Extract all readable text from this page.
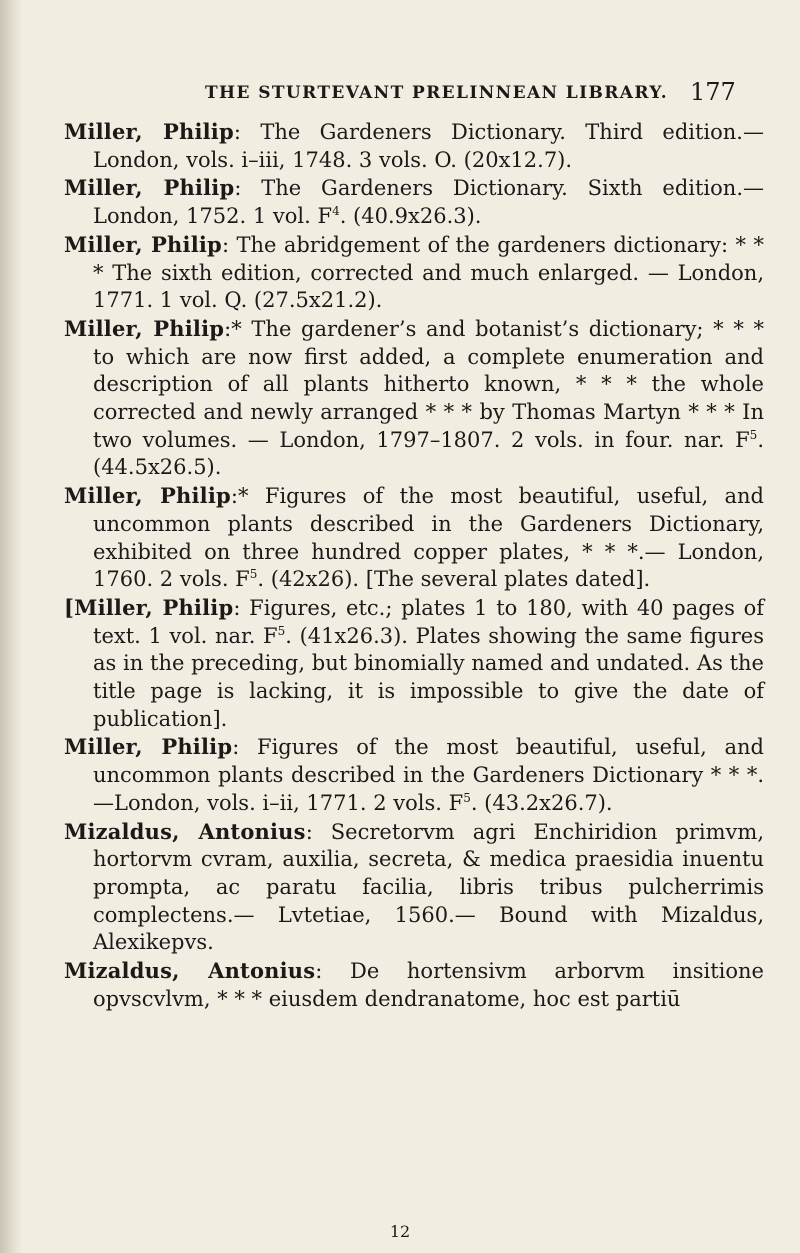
THE STURTEVANT PRELINNEAN LIBRARY. 177

Miller, Philip: The Gardeners Dictionary. Third edition.— London, vols. i–iii, 1748. 3 vols. O. (20x12.7).

Miller, Philip: The Gardeners Dictionary. Sixth edition.— London, 1752. 1 vol. $F^4$. (40.9x26.3).

Miller, Philip: The abridgement of the gardeners dictionary: * * * The sixth edition, corrected and much enlarged. — London, 1771. 1 vol. Q. (27.5x21.2).

Miller, Philip:* The gardener’s and botanist’s dictionary; * * * to which are now first added, a complete enumeration and description of all plants hitherto known, * * * the whole corrected and newly arranged * * * by Thomas Martyn * * * In two volumes. — London, 1797–1807. 2 vols. in four. nar. $F^5$. (44.5x26.5).

Miller, Philip:* Figures of the most beautiful, useful, and uncommon plants described in the Gardeners Dictionary, exhibited on three hundred copper plates, * * *.— London, 1760. 2 vols. $F^5$. (42x26). [The several plates dated].

[Miller, Philip: Figures, etc.; plates 1 to 180, with 40 pages of text. 1 vol. nar. $F^5$. (41x26.3). Plates showing the same figures as in the preceding, but binomially named and undated. As the title page is lacking, it is impossible to give the date of publication].

Miller, Philip: Figures of the most beautiful, useful, and uncommon plants described in the Gardeners Dictionary * * *.—London, vols. i–ii, 1771. 2 vols. $F^5$. (43.2x26.7).

Mizaldus, Antonius: Secretorvm agri Enchiridion primvm, hortorvm cvram, auxilia, secreta, & medica praesidia inuentu prompta, ac paratu facilia, libris tribus pulcherrimis complectens.— Lvtetiae, 1560.— Bound with Mizaldus, Alexikepvs.

Mizaldus, Antonius: De hortensivm arborvm insitione opvscvlvm, * * * eiusdem dendranatome, hoc est partiū

12
